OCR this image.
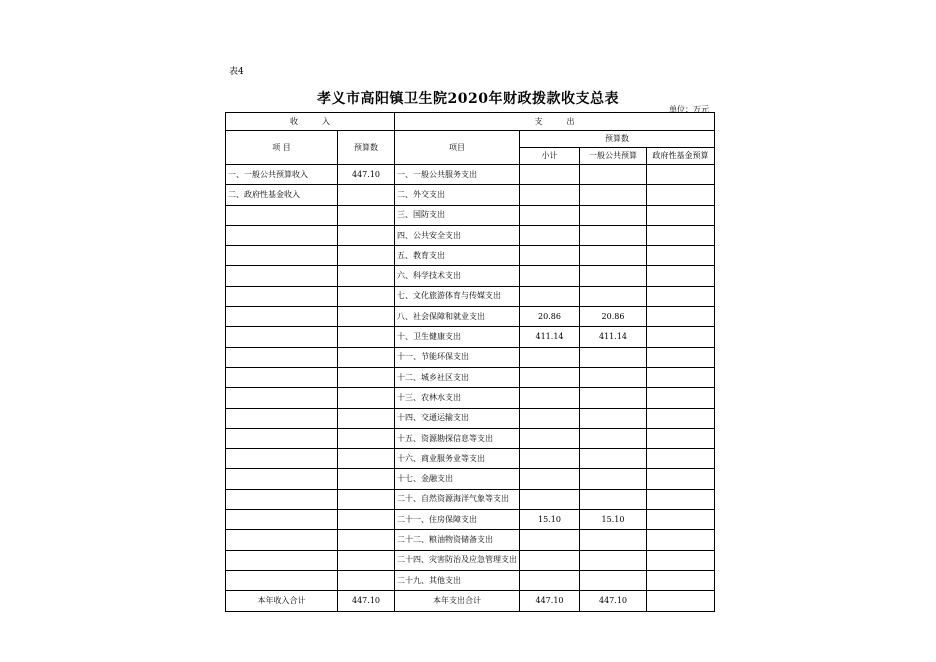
表4
孝义市高阳镇卫生院2020年财政拨款收支总表
单位：万元
收　　　入		支　　　出			
项 目	预算数	项目	预算数		
			小计	一般公共预算	政府性基金预算
一、一般公共预算收入	447.10	一、一般公共服务支出			
二、政府性基金收入		二、外交支出			
		三、国防支出			
		四、公共安全支出			
		五、教育支出			
		六、科学技术支出			
		七、文化旅游体育与传媒支出			
		八、社会保障和就业支出	20.86	20.86	
		十、卫生健康支出	411.14	411.14	
		十一、节能环保支出			
		十二、城乡社区支出			
		十三、农林水支出			
		十四、交通运输支出			
		十五、资源勘探信息等支出			
		十六、商业服务业等支出			
		十七、金融支出			
		二十、自然资源海洋气象等支出			
		二十一、住房保障支出	15.10	15.10	
		二十二、粮油物资储备支出			
		二十四、灾害防治及应急管理支出			
		二十九、其他支出			
本年收入合计	447.10	本年支出合计	447.10	447.10	
